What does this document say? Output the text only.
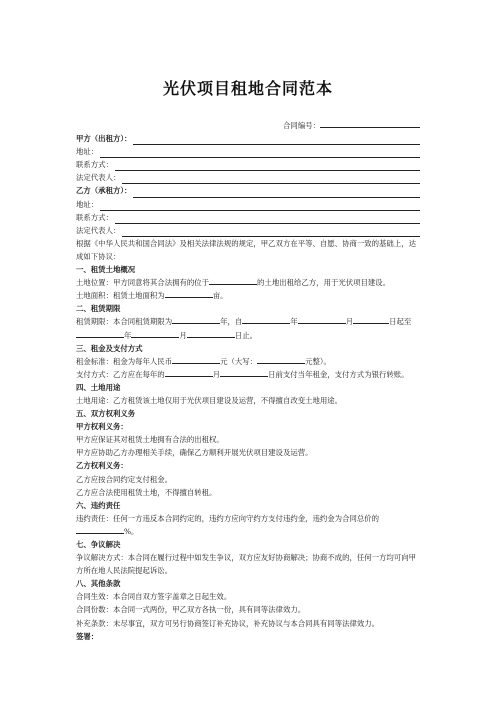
光伏项目租地合同范本
合同编号：
甲方（出租方）：
地址：
联系方式：
法定代表人：
乙方（承租方）：
地址：
联系方式：
法定代表人：
根据《中华人民共和国合同法》及相关法律法规的规定，甲乙双方在平等、自愿、协商一致的基础上，达成如下协议：
一、租赁土地概况
土地位置：甲方同意将其合法拥有的位于	的土地出租给乙方，用于光伏项目建设。
土地面积：租赁土地面积为	亩。
二、租赁期限
租赁期限：本合同租赁期限为	年，自	年	月	日起至
年	月	日止。
三、租金及支付方式
租金标准：租金为每年人民币	元（大写：	元整）。
支付方式：乙方应在每年的	月	日前支付当年租金，支付方式为银行转账。
四、土地用途
土地用途：乙方租赁该土地仅用于光伏项目建设及运营，不得擅自改变土地用途。
五、双方权利义务
甲方权利义务：
甲方应保证其对租赁土地拥有合法的出租权。
甲方应协助乙方办理相关手续，确保乙方顺利开展光伏项目建设及运营。
乙方权利义务：
乙方应按合同约定支付租金。
乙方应合法使用租赁土地，不得擅自转租。
六、违约责任
违约责任：任何一方违反本合同约定的，违约方应向守约方支付违约金，违约金为合同总价的%。
七、争议解决
争议解决方式：本合同在履行过程中如发生争议，双方应友好协商解决；协商不成的，任何一方均可向甲方所在地人民法院提起诉讼。
八、其他条款
合同生效：本合同自双方签字盖章之日起生效。
合同份数：本合同一式两份，甲乙双方各执一份，具有同等法律效力。
补充条款：未尽事宜，双方可另行协商签订补充协议，补充协议与本合同具有同等法律效力。
签署：
